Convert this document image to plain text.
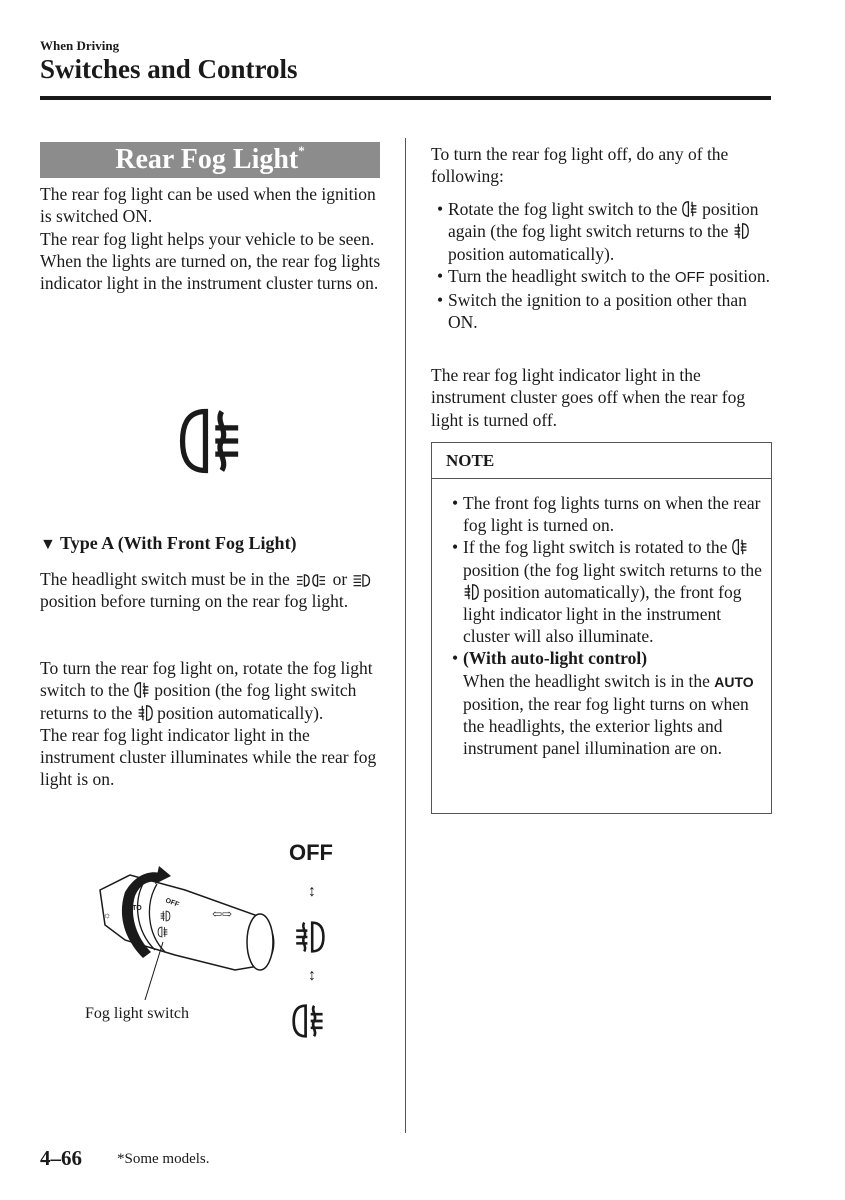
When Driving
Switches and Controls
Rear Fog Light*
The rear fog light can be used when the ignition is switched ON.
The rear fog light helps your vehicle to be seen.
When the lights are turned on, the rear fog lights indicator light in the instrument cluster turns on.
▼ Type A (With Front Fog Light)
The headlight switch must be in the or  position before turning on the rear fog light.
To turn the rear fog light on, rotate the fog light switch to the position (the fog light switch returns to the position automatically).
The rear fog light indicator light in the instrument cluster illuminates while the rear fog light is on.
☼
AUTO	OFF
⇦⇨
OFF
↕
↕
Fog light switch
To turn the rear fog light off, do any of the following:
• Rotate the fog light switch to the position again (the fog light switch returns to the  position automatically).
• Turn the headlight switch to the OFF position.
• Switch the ignition to a position other than ON.
The rear fog light indicator light in the instrument cluster goes off when the rear fog light is turned off.
NOTE
• The front fog lights turns on when the rear fog light is turned on.
• If the fog light switch is rotated to the  position (the fog light switch returns to the  position automatically), the front fog light indicator light in the instrument cluster will also illuminate.
• (With auto-light control)
When the headlight switch is in the AUTO position, the rear fog light turns on when the headlights, the exterior lights and instrument panel illumination are on.
4–66 *Some models.
